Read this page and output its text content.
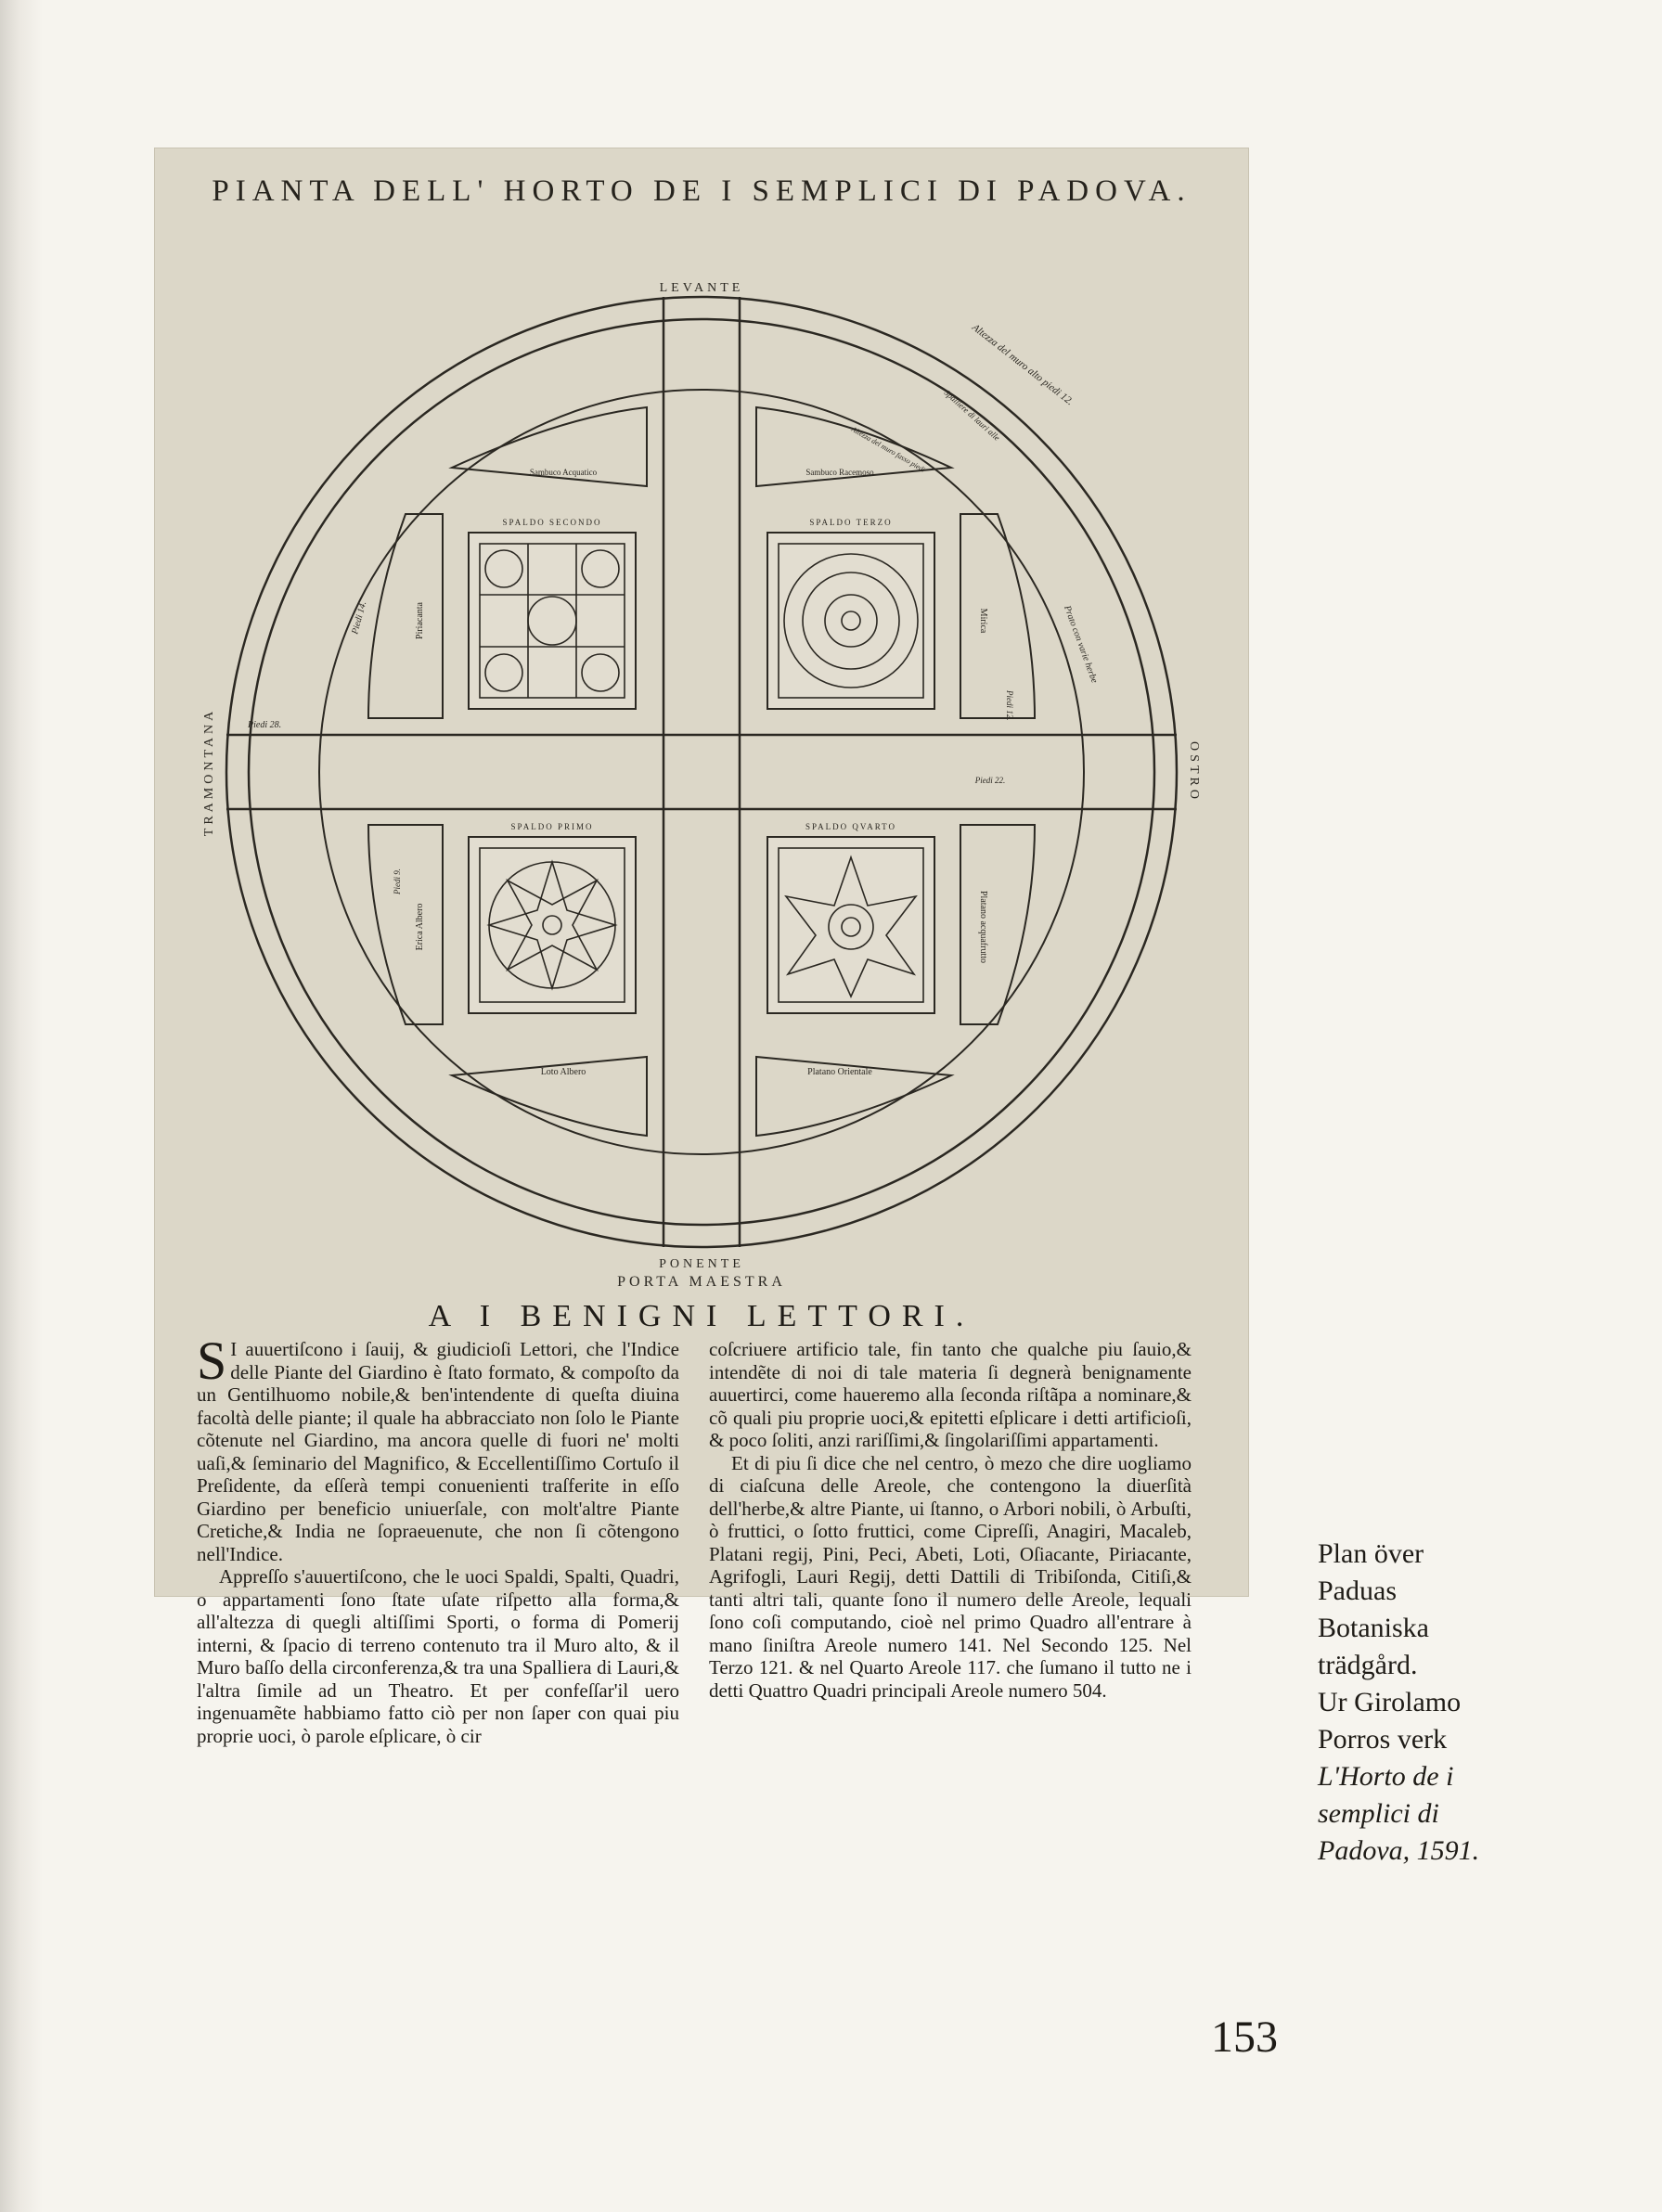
PIANTA DELL' HORTO DE I SEMPLICI DI PADOVA.
LEVANTE
PONENTE
PORTA MAESTRA
TRAMONTANA	OSTRO
SPALDO SECONDO	SPALDO TERZO
SPALDO PRIMO	SPALDO QVARTO
Sambuco Acquatico	Sambuco Racemoso
Loto Albero	Platano Orientale
Piriacanta
Erica Albero
Mirica
Platano acquafrutto
Altezza del muro alto piedi 12.
Spalliere di lauri alle
Altezza del muro fasso piedi
Prato con varie herbe
Piedi 28.
Piedi 14.
Piedi 12.
Piedi 9.
Piedi 22.
A I BENIGNI LETTORI.

S I auuertiſcono i ſauij, & giudicioſi Lettori, che l'Indice delle Piante del Giardino è ſtato formato, & compoſto da un Gentilhuomo nobile,& ben'intendente di queſta diuina facoltà delle piante; il quale ha abbracciato non ſolo le Piante cõtenute nel Giardino, ma ancora quelle di fuori ne' molti uaſi,& ſeminario del Magnifico, & Eccellentiſſimo Cortuſo il Preſidente, da eſſerà tempi conuenienti traſferite in eſſo Giardino per beneficio uniuerſale, con molt'altre Piante Cretiche,& India ne ſopraeuenute, che non ſi cõtengono nell'Indice.

Appreſſo s'auuertiſcono, che le uoci Spaldi, Spalti, Quadri, o appartamenti ſono ſtate uſate riſpetto alla forma,& all'altezza di quegli altiſſimi Sporti, o forma di Pomerij interni, & ſpacio di terreno contenuto tra il Muro alto, & il Muro baſſo della circonferenza,& tra una Spalliera di Lauri,& l'altra ſimile ad un Theatro. Et per confeſſar'il uero ingenuamẽte habbiamo fatto ciò per non ſaper con quai piu proprie uoci, ò parole eſplicare, ò cir

coſcriuere artificio tale, fin tanto che qualche piu ſauio,& intendẽte di noi di tale materia ſi degnerà benignamente auuertirci, come haueremo alla ſeconda riſtãpa a nominare,& cõ quali piu proprie uoci,& epitetti eſplicare i detti artificioſi, & poco ſoliti, anzi rariſſimi,& ſingolariſſimi appartamenti.

Et di piu ſi dice che nel centro, ò mezo che dire uogliamo di ciaſcuna delle Areole, che contengono la diuerſità dell'herbe,& altre Piante, ui ſtanno, o Arbori nobili, ò Arbuſti, ò fruttici, o ſotto fruttici, come Cipreſſi, Anagiri, Macaleb, Platani regij, Pini, Peci, Abeti, Loti, Oſiacante, Piriacante, Agrifogli, Lauri Regij, detti Dattili di Tribiſonda, Citiſi,& tanti altri tali, quante ſono il numero delle Areole, lequali ſono coſi computando, cioè nel primo Quadro all'entrare à mano ſiniſtra Areole numero 141. Nel Secondo 125. Nel Terzo 121. & nel Quarto Areole 117. che ſumano il tutto ne i detti Quattro Quadri principali Areole numero 504.

Plan över
Paduas
Botaniska
trädgård.
Ur Girolamo
Porros verk
L'Horto de i
semplici di
Padova, 1591.
153
